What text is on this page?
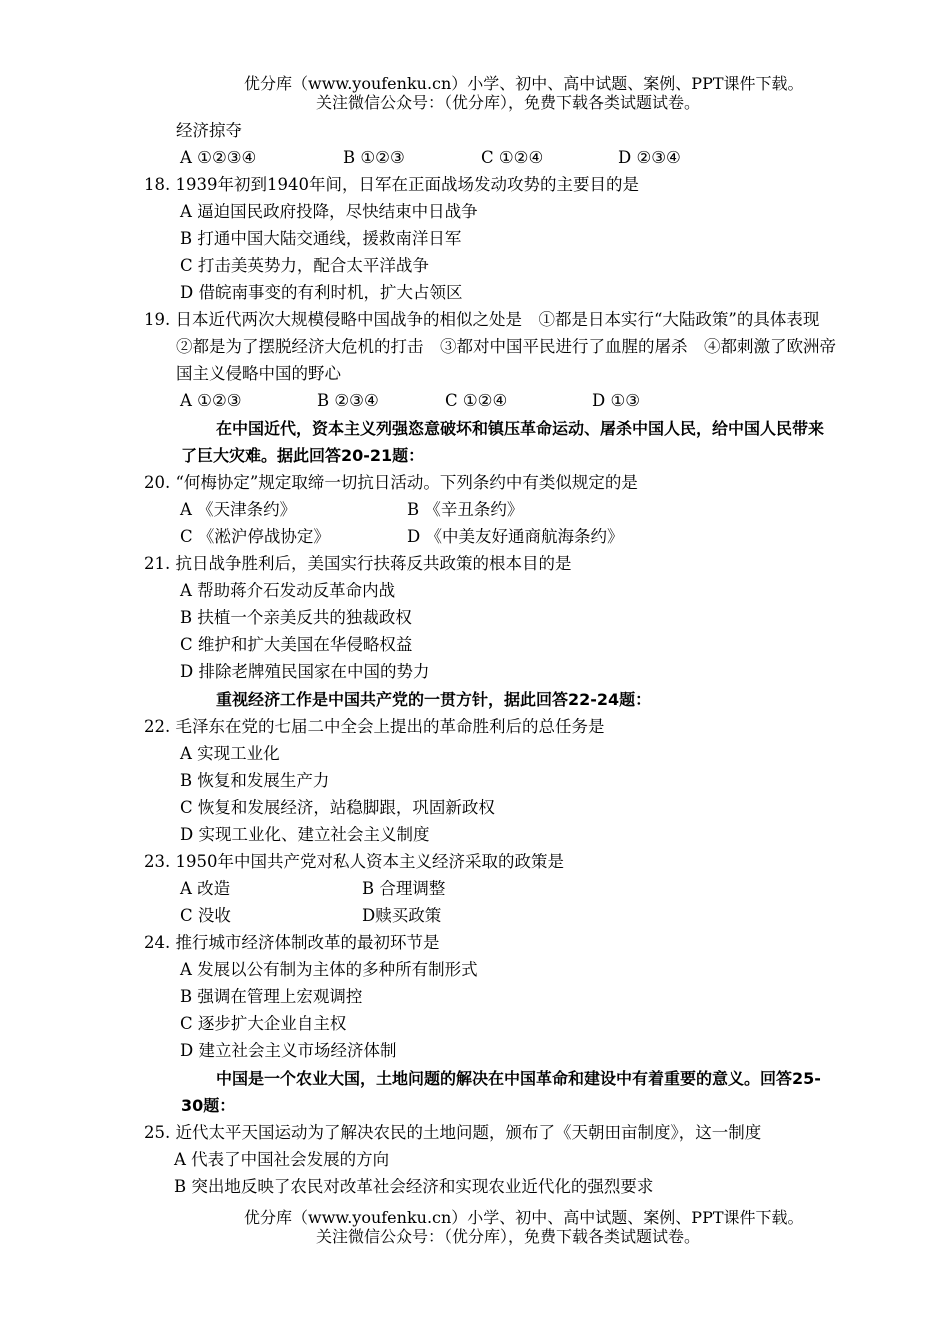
优分库（www.youfenku.cn）小学、初中、高中试题、案例、PPT课件下载。
关注微信公众号：（优分库），免费下载各类试题试卷。
经济掠夺
A ①②③④	B ①②③	C ①②④	D ②③④
18. 1939年初到1940年间，日军在正面战场发动攻势的主要目的是
A 逼迫国民政府投降，尽快结束中日战争
B 打通中国大陆交通线，援救南洋日军
C 打击美英势力，配合太平洋战争
D 借皖南事变的有利时机，扩大占领区
19. 日本近代两次大规模侵略中国战争的相似之处是　①都是日本实行“大陆政策”的具体表现
②都是为了摆脱经济大危机的打击　③都对中国平民进行了血腥的屠杀　④都刺激了欧洲帝
国主义侵略中国的野心
A ①②③	B ②③④	C ①②④	D ①③
在中国近代，资本主义列强恣意破坏和镇压革命运动、屠杀中国人民，给中国人民带来
了巨大灾难。据此回答20-21题：
20. “何梅协定”规定取缔一切抗日活动。下列条约中有类似规定的是
A 《天津条约》	B 《辛丑条约》
C 《淞沪停战协定》	D 《中美友好通商航海条约》
21. 抗日战争胜利后，美国实行扶蒋反共政策的根本目的是
A 帮助蒋介石发动反革命内战
B 扶植一个亲美反共的独裁政权
C 维护和扩大美国在华侵略权益
D 排除老牌殖民国家在中国的势力
重视经济工作是中国共产党的一贯方针，据此回答22-24题：
22. 毛泽东在党的七届二中全会上提出的革命胜利后的总任务是
A 实现工业化
B 恢复和发展生产力
C 恢复和发展经济，站稳脚跟，巩固新政权
D 实现工业化、建立社会主义制度
23. 1950年中国共产党对私人资本主义经济采取的政策是
A 改造	B 合理调整
C 没收	D赎买政策
24. 推行城市经济体制改革的最初环节是
A 发展以公有制为主体的多种所有制形式
B 强调在管理上宏观调控
C 逐步扩大企业自主权
D 建立社会主义市场经济体制
中国是一个农业大国，土地问题的解决在中国革命和建设中有着重要的意义。回答25-
30题：
25. 近代太平天国运动为了解决农民的土地问题，颁布了《天朝田亩制度》，这一制度
A 代表了中国社会发展的方向
B 突出地反映了农民对改革社会经济和实现农业近代化的强烈要求
优分库（www.youfenku.cn）小学、初中、高中试题、案例、PPT课件下载。
关注微信公众号：（优分库），免费下载各类试题试卷。
